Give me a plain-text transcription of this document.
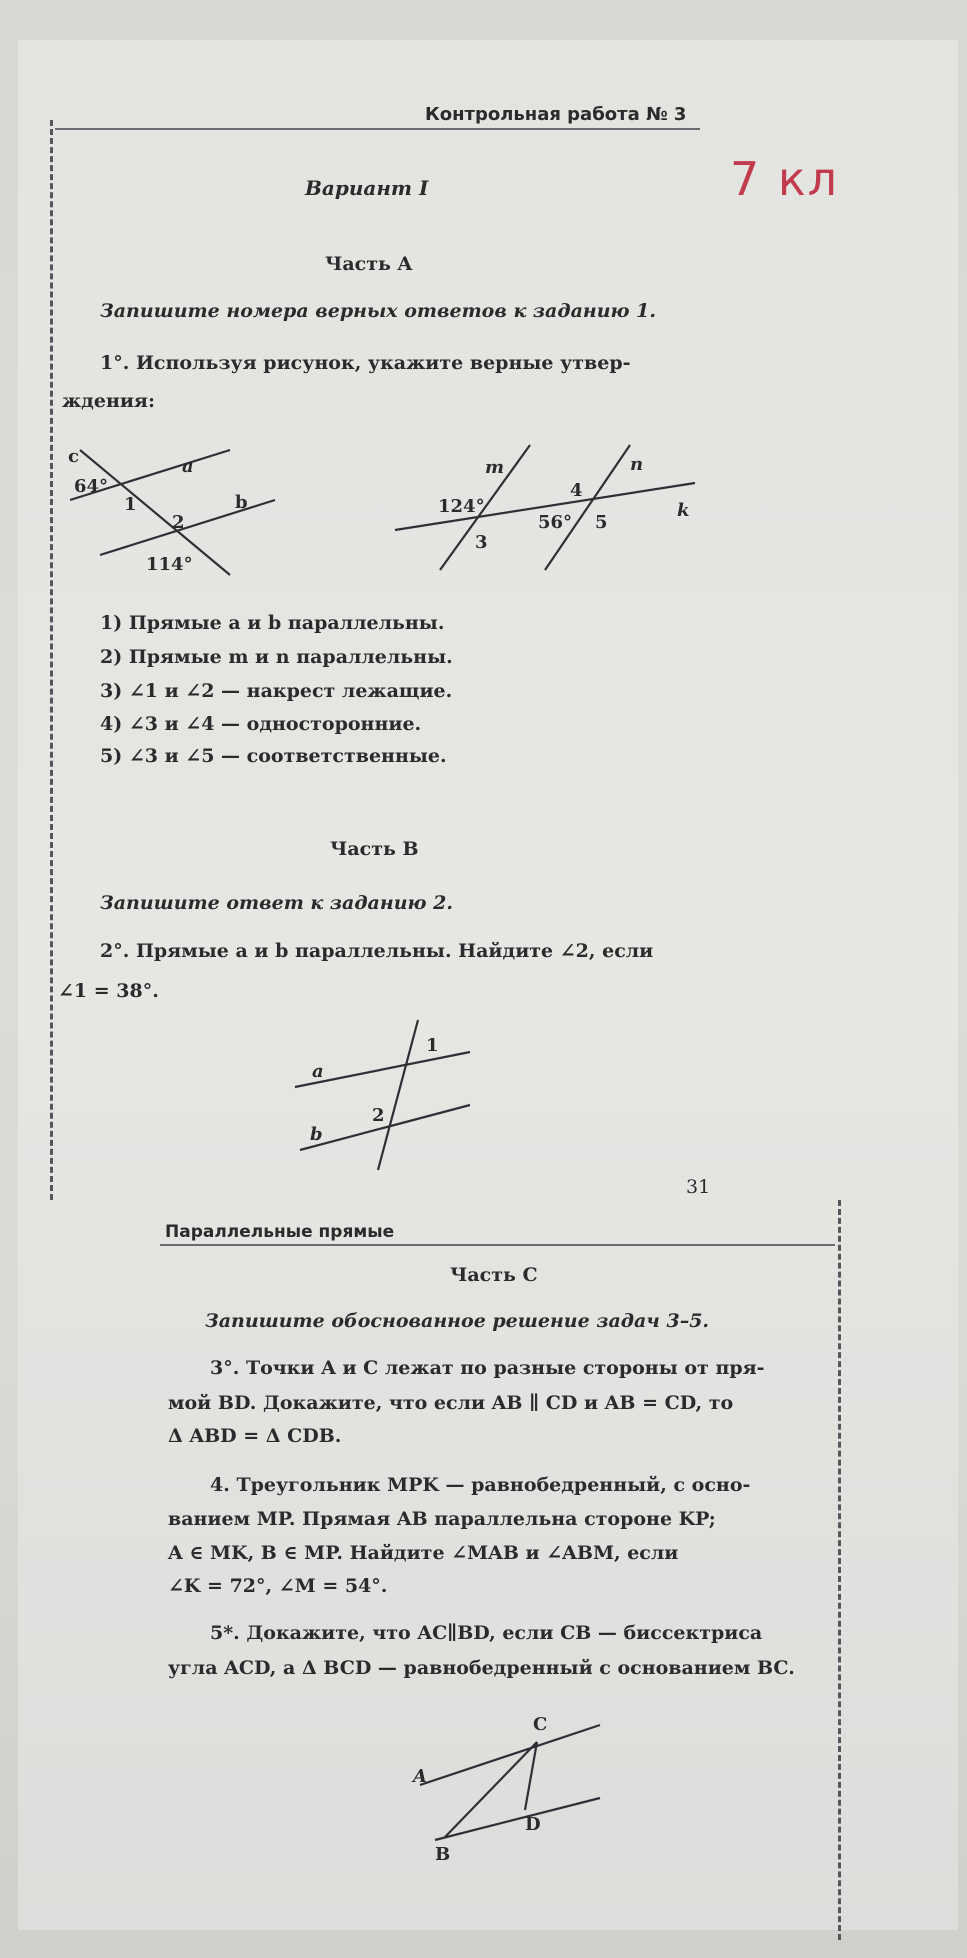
Контрольная работа № 3
7 кл
Вариант I
Часть A
Запишите номера верных ответов к заданию 1.
1°. Используя рисунок, укажите верные утвер-
ждения:
c	a
b
64°
1
2
114°
m	n
k
124°
3
4
56° 5
1) Прямые a и b параллельны.
2) Прямые m и n параллельны.
3) ∠1 и ∠2 — накрест лежащие.
4) ∠3 и ∠4 — односторонние.
5) ∠3 и ∠5 — соответственные.
Часть B
Запишите ответ к заданию 2.
2°. Прямые a и b параллельны. Найдите ∠2, если
∠1 = 38°.
a
b
1
2
31
Параллельные прямые
Часть C
Запишите обоснованное решение задач 3–5.
3°. Точки A и C лежат по разные стороны от пря-
мой BD. Докажите, что если AB ∥ CD и AB = CD, то
Δ ABD = Δ CDB.
4. Треугольник MPK — равнобедренный, с осно-
ванием MP. Прямая AB параллельна стороне KP;
A ∈ MK, B ∈ MP. Найдите ∠MAB и ∠ABM, если
∠K = 72°, ∠M = 54°.
5*. Докажите, что AC∥BD, если CB — биссектриса
угла ACD, а Δ BCD — равнобедренный с основанием BC.
A
C
D
B
